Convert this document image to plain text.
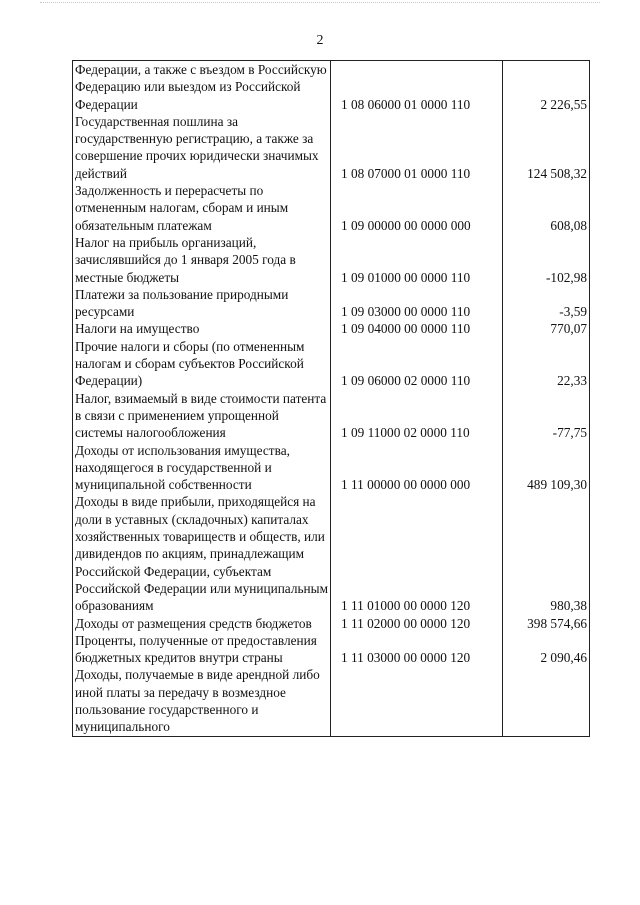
2
Федерации, а также с въездом в Российскую Федерацию или выездом из Российской Федерации	1 08 06000 01 0000 110	2 226,55
Государственная пошлина за государственную регистрацию, а также за совершение прочих юридически значимых действий	1 08 07000 01 0000 110	124 508,32
Задолженность и перерасчеты по отмененным налогам, сборам и иным обязательным платежам	1 09 00000 00 0000 000	608,08
Налог на прибыль организаций, зачислявшийся до 1 января 2005 года в местные бюджеты	1 09 01000 00 0000 110	-102,98
Платежи за пользование природными ресурсами	1 09 03000 00 0000 110	-3,59
Налоги на имущество	1 09 04000 00 0000 110	770,07
Прочие налоги и сборы (по отмененным налогам и сборам субъектов Российской Федерации)	1 09 06000 02 0000 110	22,33
Налог, взимаемый в виде стоимости патента в связи с применением упрощенной системы налогообложения	1 09 11000 02 0000 110	-77,75
Доходы от использования имущества, находящегося в государственной и муниципальной собственности	1 11 00000 00 0000 000	489 109,30
Доходы в виде прибыли, приходящейся на доли в уставных (складочных) капиталах хозяйственных товариществ и обществ, или дивидендов по акциям, принадлежащим Российской Федерации, субъектам Российской Федерации или муниципальным образованиям	1 11 01000 00 0000 120	980,38
Доходы от размещения средств бюджетов	1 11 02000 00 0000 120	398 574,66
Проценты, полученные от предоставления бюджетных кредитов внутри страны	1 11 03000 00 0000 120	2 090,46
Доходы, получаемые в виде арендной либо иной платы за передачу в возмездное пользование государственного и муниципального		
